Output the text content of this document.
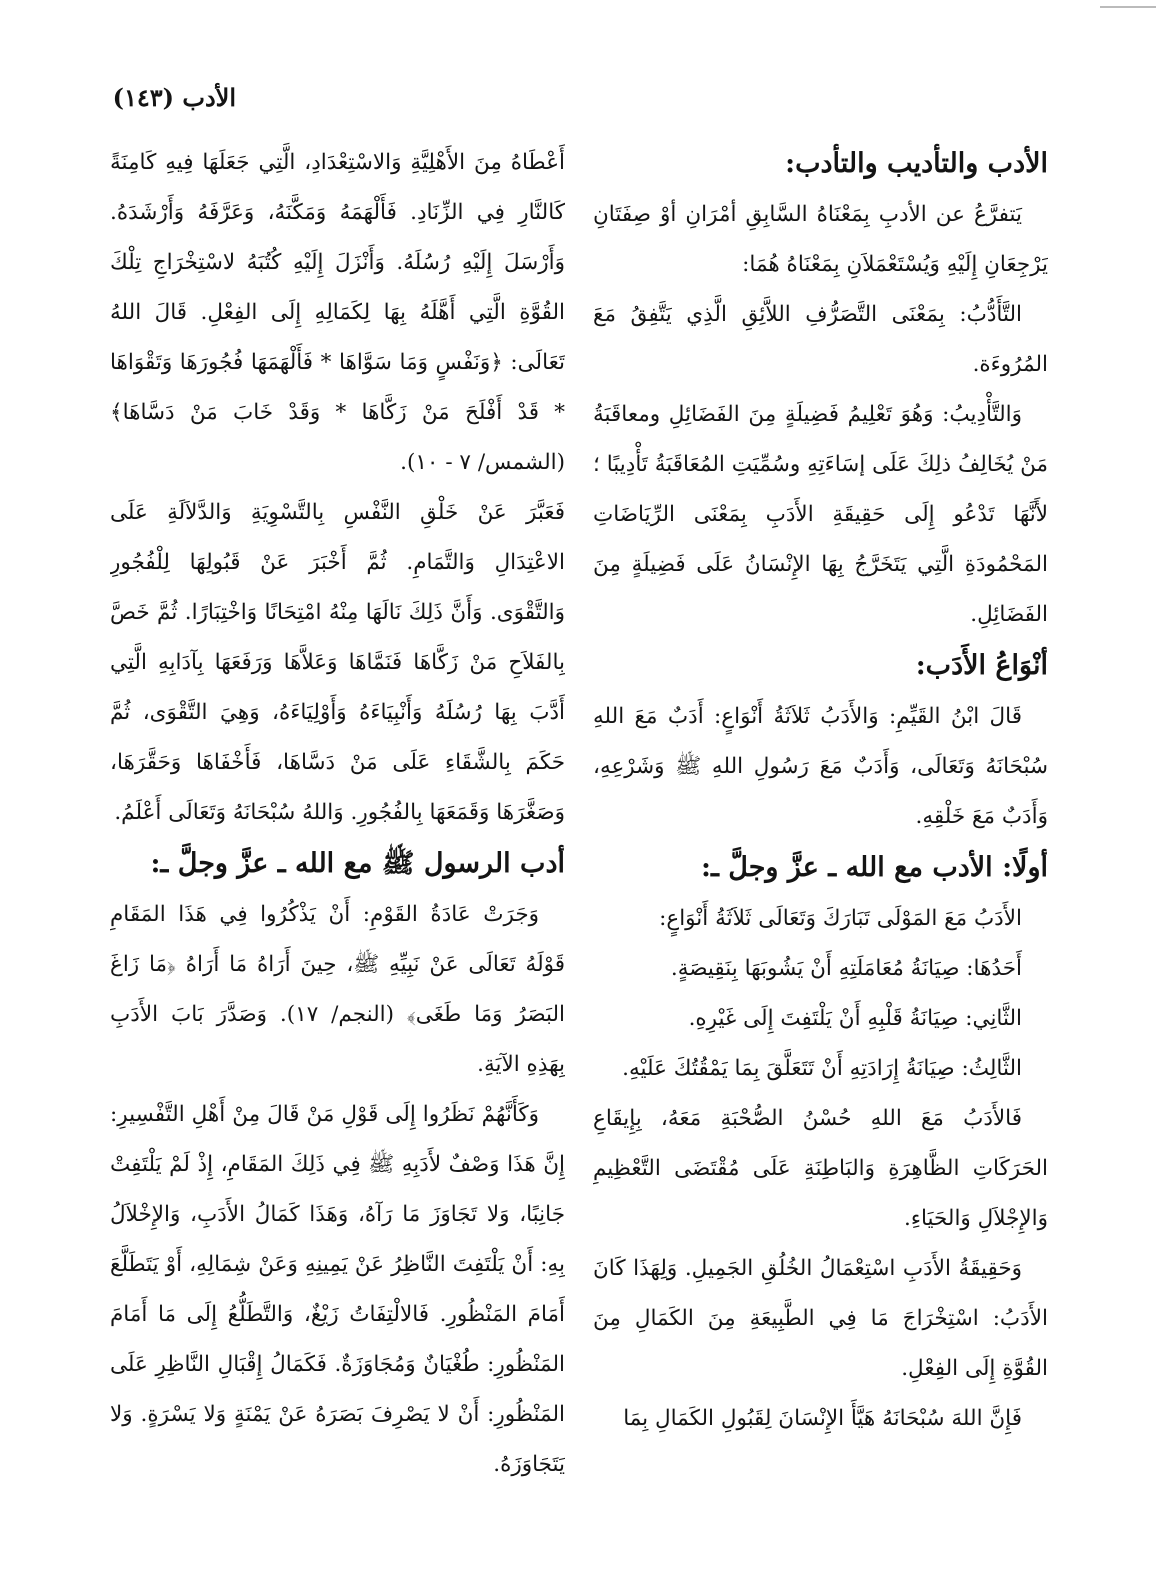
الأدب (١٤٣)
الأدب والتأديب والتأدب:

يَتفرَّعُ عن الأدبِ بِمَعْنَاهُ السَّابِقِ أمْرَانِ أوْ صِفَتَانِ يَرْجِعَانِ إِلَيْهِ وَيُسْتَعْمَلاَنِ بِمَعْنَاهُ هُمَا:

التَّأَدُّبُ: بِمَعْنَى التَّصَرُّفِ اللاَّئِقِ الَّذِي يَتَّفِقُ مَعَ المُرُوءَة.

وَالتَّأْدِيبُ: وَهُوَ تَعْلِيمُ فَضِيلَةٍ مِنَ الفَضَائِلِ ومعاقَبَةُ مَنْ يُخَالِفُ ذلِكَ عَلَى إسَاءَتِهِ وسُمِّيَتِ المُعَاقَبَةُ تَأْدِيبًا ؛لأَنَّهَا تَدْعُو إِلَى حَقِيقَةِ الأَدَبِ بِمَعْنَى الرِّيَاضَاتِ المَحْمُودَةِ الَّتِي يَتَخَرَّجُ بِهَا الإِنْسَانُ عَلَى فَضِيلَةٍ مِنَ الفَضَائِلِ.

أنْوَاعُ الأَدَب:

قَالَ ابْنُ القَيِّمِ: وَالأَدَبُ ثَلاَثَةُ أَنْوَاعٍ: أَدَبٌ مَعَ اللهِ سُبْحَانَهُ وَتَعَالَى، وَأَدَبٌ مَعَ رَسُولِ اللهِ ﷺ وَشَرْعِهِ، وَأَدَبٌ مَعَ خَلْقِهِ.

أولًا: الأدب مع الله ـ عزَّ وجلَّ ـ:

الأَدَبُ مَعَ المَوْلَى تَبَارَكَ وَتَعَالَى ثَلاَثَةُ أَنْوَاعٍ:

أَحَدُهَا: صِيَانَةُ مُعَامَلَتِهِ أَنْ يَشُوبَهَا بِنَقِيصَةٍ.

الثَّانِي: صِيَانَةُ قَلْبِهِ أَنْ يَلْتَفِتَ إِلَى غَيْرِهِ.

الثَّالِثُ: صِيَانَةُ إِرَادَتِهِ أَنْ تَتَعَلَّقَ بِمَا يَمْقُتُكَ عَلَيْهِ.

فَالأَدَبُ مَعَ اللهِ حُسْنُ الصُّحْبَةِ مَعَهُ، بِإِيقَاعِ الحَرَكَاتِ الظَّاهِرَةِ وَالبَاطِنَةِ عَلَى مُقْتَضَى التَّعْظِيمِ وَالإِجْلاَلِ وَالحَيَاءِ.

وَحَقِيقَةُ الأَدَبِ اسْتِعْمَالُ الخُلُقِ الجَمِيلِ. وَلِهَذَا كَانَ الأَدَبُ: اسْتِخْرَاجَ مَا فِي الطَّبِيعَةِ مِنَ الكَمَالِ مِنَ القُوَّةِ إِلَى الفِعْلِ.

فَإِنَّ اللهَ سُبْحَانَهُ هَيَّأَ الإِنْسَانَ لِقَبُولِ الكَمَالِ بِمَا

أَعْطَاهُ مِنَ الأَهْلِيَّةِ وَالاسْتِعْدَادِ، الَّتِي جَعَلَهَا فِيهِ كَامِنَةً كَالنَّارِ فِي الزِّنَادِ. فَأَلْهَمَهُ وَمَكَّنَهُ، وَعَرَّفَهُ وَأَرْشَدَهُ. وَأَرْسَلَ إِلَيْهِ رُسُلَهُ. وَأَنْزَلَ إِلَيْهِ كُتُبَهُ لاسْتِخْرَاجِ تِلْكَ القُوَّةِ الَّتِي أَهَّلَهُ بِهَا لِكَمَالِهِ إِلَى الفِعْلِ. قَالَ اللهُ تَعَالَى: ﴿وَنَفْسٍ وَمَا سَوَّاهَا * فَأَلْهَمَهَا فُجُورَهَا وَتَقْوَاهَا * قَدْ أَفْلَحَ مَنْ زَكَّاهَا * وَقَدْ خَابَ مَنْ دَسَّاهَا﴾ (الشمس/ ٧ - ١٠).

فَعَبَّرَ عَنْ خَلْقِ النَّفْسِ بِالتَّسْوِيَةِ وَالدَّلاَلَةِ عَلَى الاعْتِدَالِ وَالتَّمَامِ. ثُمَّ أَخْبَرَ عَنْ قَبُولِهَا لِلْفُجُورِ وَالتَّقْوَى. وَأَنَّ ذَلِكَ نَالَهَا مِنْهُ امْتِحَانًا وَاخْتِبَارًا. ثُمَّ خَصَّ بِالفَلاَحِ مَنْ زَكَّاهَا فَنَمَّاهَا وَعَلاَّهَا وَرَفَعَهَا بِآدَابِهِ الَّتِي أَدَّبَ بِهَا رُسُلَهُ وَأَنْبِيَاءَهُ وَأَوْلِيَاءَهُ، وَهِيَ التَّقْوَى، ثُمَّ حَكَمَ بِالشَّقَاءِ عَلَى مَنْ دَسَّاهَا، فَأَخْفَاهَا وَحَقَّرَهَا، وَصَغَّرَهَا وَقَمَعَهَا بِالفُجُورِ. وَاللهُ سُبْحَانَهُ وَتَعَالَى أَعْلَمُ.

أدب الرسول ﷺ مع الله ـ عزَّ وجلَّ ـ:

وَجَرَتْ عَادَةُ القَوْمِ: أَنْ يَذْكُرُوا فِي هَذَا المَقَامِ قَوْلَهُ تَعَالَى عَنْ نَبِيِّهِ ﷺ، حِينَ أَرَاهُ مَا أَرَاهُ ﴿مَا زَاغَ البَصَرُ وَمَا طَغَى﴾ (النجم/ ١٧). وَصَدَّرَ بَابَ الأَدَبِ بِهَذِهِ الآيَةِ.

وَكَأَنَّهُمْ نَظَرُوا إِلَى قَوْلِ مَنْ قَالَ مِنْ أَهْلِ التَّفْسِيرِ: إِنَّ هَذَا وَصْفٌ لأَدَبِهِ ﷺ فِي ذَلِكَ المَقَامِ، إِذْ لَمْ يَلْتَفِتْ جَانِبًا، وَلا تَجَاوَزَ مَا رَآهُ، وَهَذَا كَمَالُ الأَدَبِ، وَالإِخْلاَلُ بِهِ: أَنْ يَلْتَفِتَ النَّاظِرُ عَنْ يَمِينِهِ وَعَنْ شِمَالِهِ، أَوْ يَتَطَلَّعَ أَمَامَ المَنْظُورِ. فَالالْتِفَاتُ زَيْغٌ، وَالتَّطَلُّعُ إِلَى مَا أَمَامَ المَنْظُورِ: طُغْيَانٌ وَمُجَاوَزَةٌ. فَكَمَالُ إِقْبَالِ النَّاظِرِ عَلَى المَنْظُورِ: أَنْ لا يَصْرِفَ بَصَرَهُ عَنْ يَمْنَةٍ وَلا يَسْرَةٍ. وَلا يَتَجَاوَزَهُ.
